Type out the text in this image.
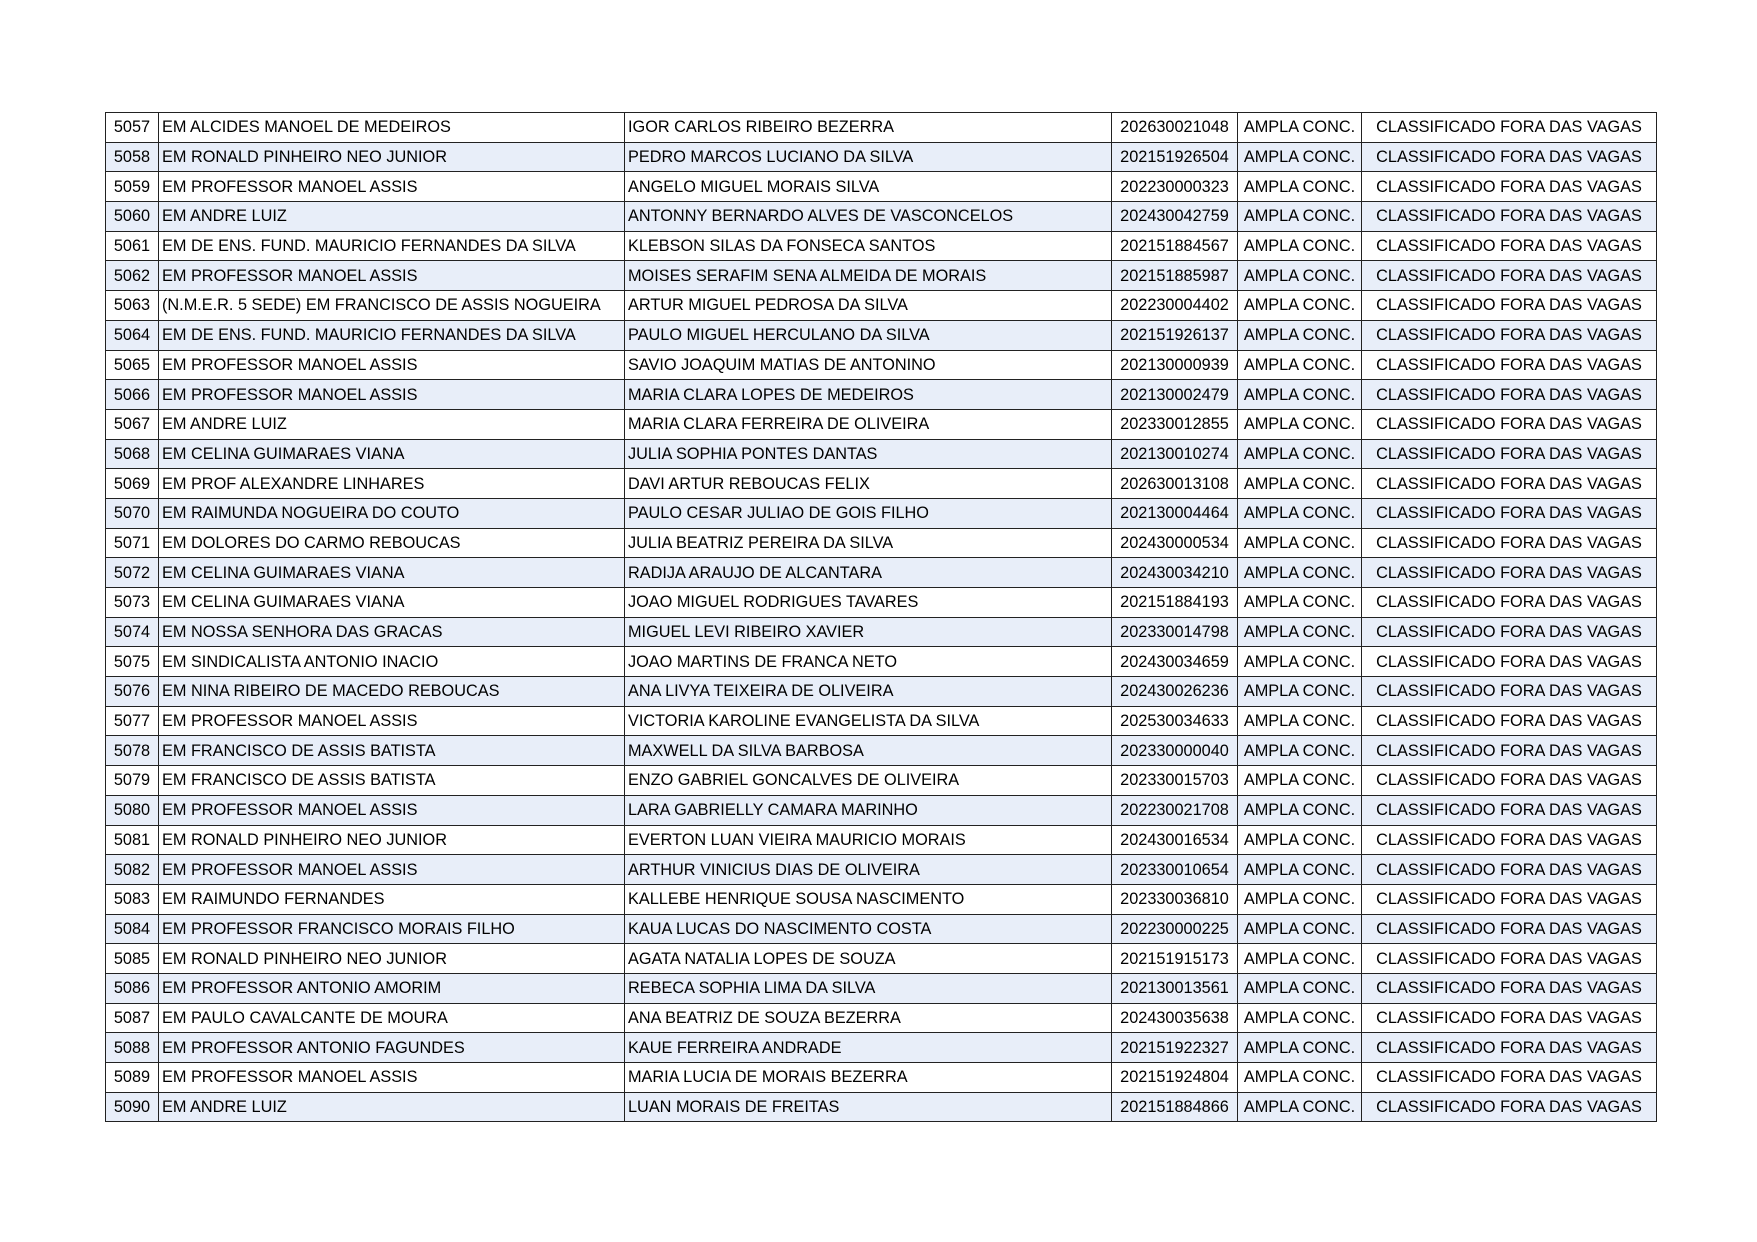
5057	EM ALCIDES MANOEL DE MEDEIROS	IGOR CARLOS RIBEIRO BEZERRA	202630021048	AMPLA CONC.	CLASSIFICADO FORA DAS VAGAS
5058	EM RONALD PINHEIRO NEO JUNIOR	PEDRO MARCOS LUCIANO DA SILVA	202151926504	AMPLA CONC.	CLASSIFICADO FORA DAS VAGAS
5059	EM PROFESSOR MANOEL ASSIS	ANGELO MIGUEL MORAIS SILVA	202230000323	AMPLA CONC.	CLASSIFICADO FORA DAS VAGAS
5060	EM ANDRE LUIZ	ANTONNY BERNARDO ALVES DE VASCONCELOS	202430042759	AMPLA CONC.	CLASSIFICADO FORA DAS VAGAS
5061	EM DE ENS. FUND. MAURICIO FERNANDES DA SILVA	KLEBSON SILAS DA FONSECA SANTOS	202151884567	AMPLA CONC.	CLASSIFICADO FORA DAS VAGAS
5062	EM PROFESSOR MANOEL ASSIS	MOISES SERAFIM SENA ALMEIDA DE MORAIS	202151885987	AMPLA CONC.	CLASSIFICADO FORA DAS VAGAS
5063	(N.M.E.R. 5 SEDE) EM FRANCISCO DE ASSIS NOGUEIRA	ARTUR MIGUEL PEDROSA DA SILVA	202230004402	AMPLA CONC.	CLASSIFICADO FORA DAS VAGAS
5064	EM DE ENS. FUND. MAURICIO FERNANDES DA SILVA	PAULO MIGUEL HERCULANO DA SILVA	202151926137	AMPLA CONC.	CLASSIFICADO FORA DAS VAGAS
5065	EM PROFESSOR MANOEL ASSIS	SAVIO JOAQUIM MATIAS DE ANTONINO	202130000939	AMPLA CONC.	CLASSIFICADO FORA DAS VAGAS
5066	EM PROFESSOR MANOEL ASSIS	MARIA CLARA LOPES DE MEDEIROS	202130002479	AMPLA CONC.	CLASSIFICADO FORA DAS VAGAS
5067	EM ANDRE LUIZ	MARIA CLARA FERREIRA DE OLIVEIRA	202330012855	AMPLA CONC.	CLASSIFICADO FORA DAS VAGAS
5068	EM CELINA GUIMARAES VIANA	JULIA SOPHIA PONTES DANTAS	202130010274	AMPLA CONC.	CLASSIFICADO FORA DAS VAGAS
5069	EM PROF ALEXANDRE LINHARES	DAVI ARTUR REBOUCAS FELIX	202630013108	AMPLA CONC.	CLASSIFICADO FORA DAS VAGAS
5070	EM RAIMUNDA NOGUEIRA DO COUTO	PAULO CESAR JULIAO DE GOIS FILHO	202130004464	AMPLA CONC.	CLASSIFICADO FORA DAS VAGAS
5071	EM DOLORES DO CARMO REBOUCAS	JULIA BEATRIZ PEREIRA DA SILVA	202430000534	AMPLA CONC.	CLASSIFICADO FORA DAS VAGAS
5072	EM CELINA GUIMARAES VIANA	RADIJA ARAUJO DE ALCANTARA	202430034210	AMPLA CONC.	CLASSIFICADO FORA DAS VAGAS
5073	EM CELINA GUIMARAES VIANA	JOAO MIGUEL RODRIGUES TAVARES	202151884193	AMPLA CONC.	CLASSIFICADO FORA DAS VAGAS
5074	EM NOSSA SENHORA DAS GRACAS	MIGUEL LEVI RIBEIRO XAVIER	202330014798	AMPLA CONC.	CLASSIFICADO FORA DAS VAGAS
5075	EM SINDICALISTA ANTONIO INACIO	JOAO MARTINS DE FRANCA NETO	202430034659	AMPLA CONC.	CLASSIFICADO FORA DAS VAGAS
5076	EM NINA RIBEIRO DE MACEDO REBOUCAS	ANA LIVYA TEIXEIRA DE OLIVEIRA	202430026236	AMPLA CONC.	CLASSIFICADO FORA DAS VAGAS
5077	EM PROFESSOR MANOEL ASSIS	VICTORIA KAROLINE EVANGELISTA DA SILVA	202530034633	AMPLA CONC.	CLASSIFICADO FORA DAS VAGAS
5078	EM FRANCISCO DE ASSIS BATISTA	MAXWELL DA SILVA BARBOSA	202330000040	AMPLA CONC.	CLASSIFICADO FORA DAS VAGAS
5079	EM FRANCISCO DE ASSIS BATISTA	ENZO GABRIEL GONCALVES DE OLIVEIRA	202330015703	AMPLA CONC.	CLASSIFICADO FORA DAS VAGAS
5080	EM PROFESSOR MANOEL ASSIS	LARA GABRIELLY CAMARA MARINHO	202230021708	AMPLA CONC.	CLASSIFICADO FORA DAS VAGAS
5081	EM RONALD PINHEIRO NEO JUNIOR	EVERTON LUAN VIEIRA MAURICIO MORAIS	202430016534	AMPLA CONC.	CLASSIFICADO FORA DAS VAGAS
5082	EM PROFESSOR MANOEL ASSIS	ARTHUR VINICIUS DIAS DE OLIVEIRA	202330010654	AMPLA CONC.	CLASSIFICADO FORA DAS VAGAS
5083	EM RAIMUNDO FERNANDES	KALLEBE HENRIQUE SOUSA NASCIMENTO	202330036810	AMPLA CONC.	CLASSIFICADO FORA DAS VAGAS
5084	EM PROFESSOR FRANCISCO MORAIS FILHO	KAUA LUCAS DO NASCIMENTO COSTA	202230000225	AMPLA CONC.	CLASSIFICADO FORA DAS VAGAS
5085	EM RONALD PINHEIRO NEO JUNIOR	AGATA NATALIA LOPES DE SOUZA	202151915173	AMPLA CONC.	CLASSIFICADO FORA DAS VAGAS
5086	EM PROFESSOR ANTONIO AMORIM	REBECA SOPHIA LIMA DA SILVA	202130013561	AMPLA CONC.	CLASSIFICADO FORA DAS VAGAS
5087	EM PAULO CAVALCANTE DE MOURA	ANA BEATRIZ DE SOUZA BEZERRA	202430035638	AMPLA CONC.	CLASSIFICADO FORA DAS VAGAS
5088	EM PROFESSOR ANTONIO FAGUNDES	KAUE FERREIRA ANDRADE	202151922327	AMPLA CONC.	CLASSIFICADO FORA DAS VAGAS
5089	EM PROFESSOR MANOEL ASSIS	MARIA LUCIA DE MORAIS BEZERRA	202151924804	AMPLA CONC.	CLASSIFICADO FORA DAS VAGAS
5090	EM ANDRE LUIZ	LUAN MORAIS DE FREITAS	202151884866	AMPLA CONC.	CLASSIFICADO FORA DAS VAGAS
